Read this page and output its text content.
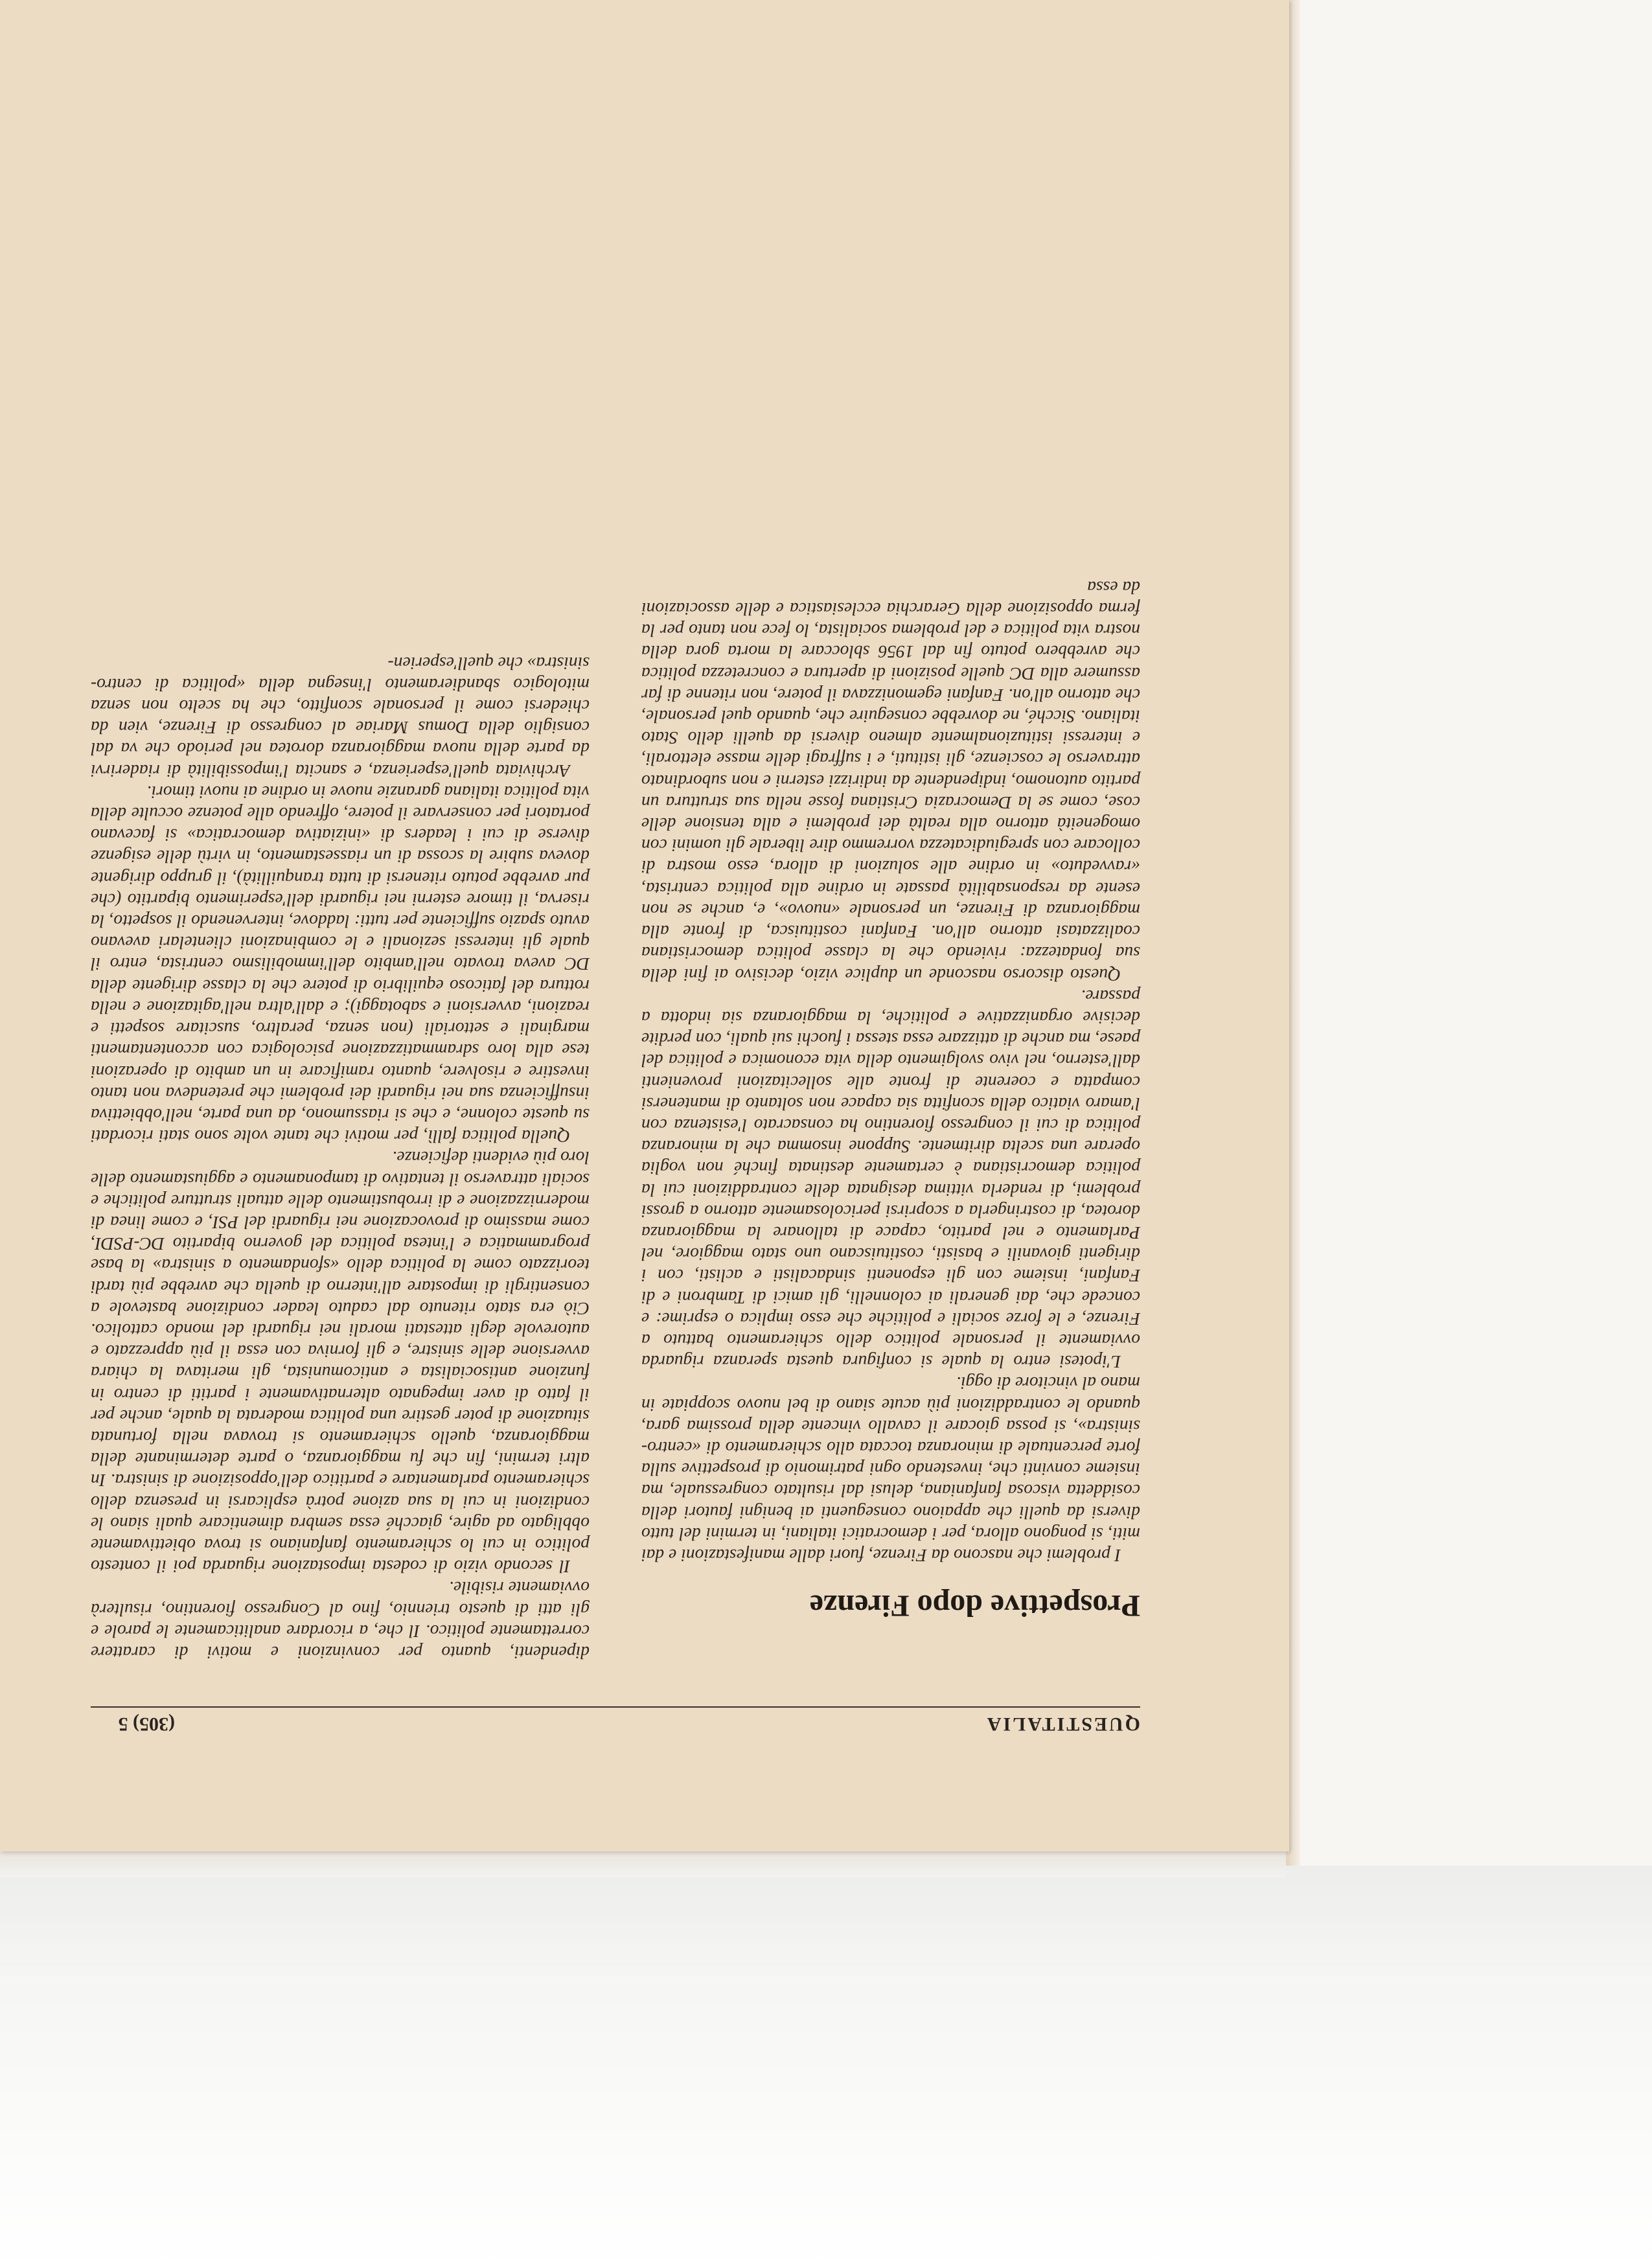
QUESTITALIA
(305) 5
Prospettive dopo Firenze

I problemi che nascono da Firenze, fuori dalle manifestazioni e dai miti, si pongono allora, per i democratici italiani, in termini del tutto diversi da quelli che appaiono conseguenti ai benigni fautori della cosiddetta viscosa fanfaniana, delusi dal risultato congressuale, ma insieme convinti che, investendo ogni patrimonio di prospettive sulla forte percentuale di minoranza toccata allo schieramento di «centro-sinistra», si possa giocare il cavallo vincente della prossima gara, quando le contraddizioni più acute siano di bel nuovo scoppiate in mano al vincitore di oggi.

L'ipotesi entro la quale si configura questa speranza riguarda ovviamente il personale politico dello schieramento battuto a Firenze, e le forze sociali e politiche che esso implica o esprime: e concede che, dai generali ai colonnelli, gli amici di Tambroni e di Fanfani, insieme con gli esponenti sindacalisti e aclisti, con i dirigenti giovanili e basisti, costituiscano uno stato maggiore, nel Parlamento e nel partito, capace di tallonare la maggioranza dorotea, di costringerla a scoprirsi pericolosamente attorno a grossi problemi, di renderla vittima designata delle contraddizioni cui la politica democristiana è certamente destinata finché non voglia operare una scelta diritmente. Suppone insomma che la minoranza politica di cui il congresso fiorentino ha consacrato l'esistenza con l'amaro viatico della sconfitta sia capace non soltanto di mantenersi compatta e coerente di fronte alle sollecitazioni provenienti dall'esterno, nel vivo svolgimento della vita economica e politica del paese, ma anche di attizzare essa stessa i fuochi sui quali, con perdite decisive organizzative e politiche, la maggioranza sia indotta a passare.

Questo discorso nasconde un duplice vizio, decisivo ai fini della sua fondatezza: riviendo che la classe politica democristiana coalizzatasi attorno all'on. Fanfani costituisca, di fronte alla maggioranza di Firenze, un personale «nuovo», e, anche se non esente da responsabilità passate in ordine alla politica centrista, «ravveduto» in ordine alle soluzioni di allora, esso mostra di collocare con spregiudicatezza vorremmo dire liberale gli uomini con omogeneità attorno alla realtà dei problemi e alla tensione delle cose, come se la Democrazia Cristiana fosse nella sua struttura un partito autonomo, indipendente da indirizzi esterni e non subordinato attraverso le coscienze, gli istituti, e i suffragi delle masse elettorali, e interessi istituzionalmente almeno diversi da quelli dello Stato italiano. Sicché, ne dovrebbe conseguire che, quando quel personale, che attorno all'on. Fanfani egemonizzava il potere, non ritenne di far assumere alla DC quelle posizioni di apertura e concretezza politica che avrebbero potuto fin dal 1956 sbloccare la morta gora della nostra vita politica e del problema socialista, lo fece non tanto per la ferma opposizione della Gerarchia ecclesiastica e delle associazioni da essa

dipendenti, quanto per convinzioni e motivi di carattere correttamente politico. Il che, a ricordare analiticamente le parole e gli atti di questo triennio, fino al Congresso fiorentino, risulterà ovviamente risibile.

Il secondo vizio di codesta impostazione riguarda poi il contesto politico in cui lo schieramento fanfaniano si trova obiettivamente obbligato ad agire, giacché essa sembra dimenticare quali siano le condizioni in cui la sua azione potrà esplicarsi in presenza dello schieramento parlamentare e partitico dell'opposizione di sinistra. In altri termini, fin che fu maggioranza, o parte determinante della maggioranza, quello schieramento si trovava nella fortunata situazione di poter gestire una politica moderata la quale, anche per il fatto di aver impegnato alternativamente i partiti di centro in funzione antisocialista e anticomunista, gli meritava la chiara avversione delle sinistre, e gli forniva con essa il più apprezzato e autorevole degli attestati morali nei riguardi del mondo cattolico. Ciò era stato ritenuto dal caduto leader condizione bastevole a consentirgli di impostare all'interno di quella che avrebbe più tardi teorizzato come la politica dello «sfondamento a sinistra» la base programmatica e l'intesa politica del governo bipartito DC-PSDI, come massimo di provocazione nei riguardi del PSI, e come linea di modernizzazione e di irrobustimento delle attuali strutture politiche e sociali attraverso il tentativo di tamponamento e aggiustamento delle loro più evidenti deficienze.

Quella politica fallì, per motivi che tante volte sono stati ricordati su queste colonne, e che si riassumono, da una parte, nell'obbiettiva insufficienza sua nei riguardi dei problemi che pretendeva non tanto investire e risolvere, quanto ramificare in un ambito di operazioni tese alla loro sdrammatizzazione psicologica con accontentamenti marginali e settoriali (non senza, peraltro, suscitare sospetti e reazioni, avversioni e sabotaggi); e dall'altra nell'agitazione e nella rottura del faticoso equilibrio di potere che la classe dirigente della DC aveva trovato nell'ambito dell'immobilismo centrista, entro il quale gli interessi sezionali e le combinazioni clientelari avevano avuto spazio sufficiente per tutti: laddove, intervenendo il sospetto, la riserva, il timore esterni nei riguardi dell'esperimento bipartito (che pur avrebbe potuto ritenersi di tutta tranquillità), il gruppo dirigente doveva subire la scossa di un riassestamento, in virtù delle esigenze diverse di cui i leaders di «iniziativa democratica» si facevano portatori per conservare il potere, offrendo alle potenze occulte della vita politica italiana garanzie nuove in ordine ai nuovi timori.

Archiviata quell'esperienza, e sancita l'impossibilità di riaderirvi da parte della nuova maggioranza dorotea nel periodo che va dal consiglio della Domus Mariae al congresso di Firenze, vien da chiedersi come il personale sconfitto, che ha scelto non senza mitologico sbandieramento l'insegna della «politica di centro-sinistra» che quell'esperien-
